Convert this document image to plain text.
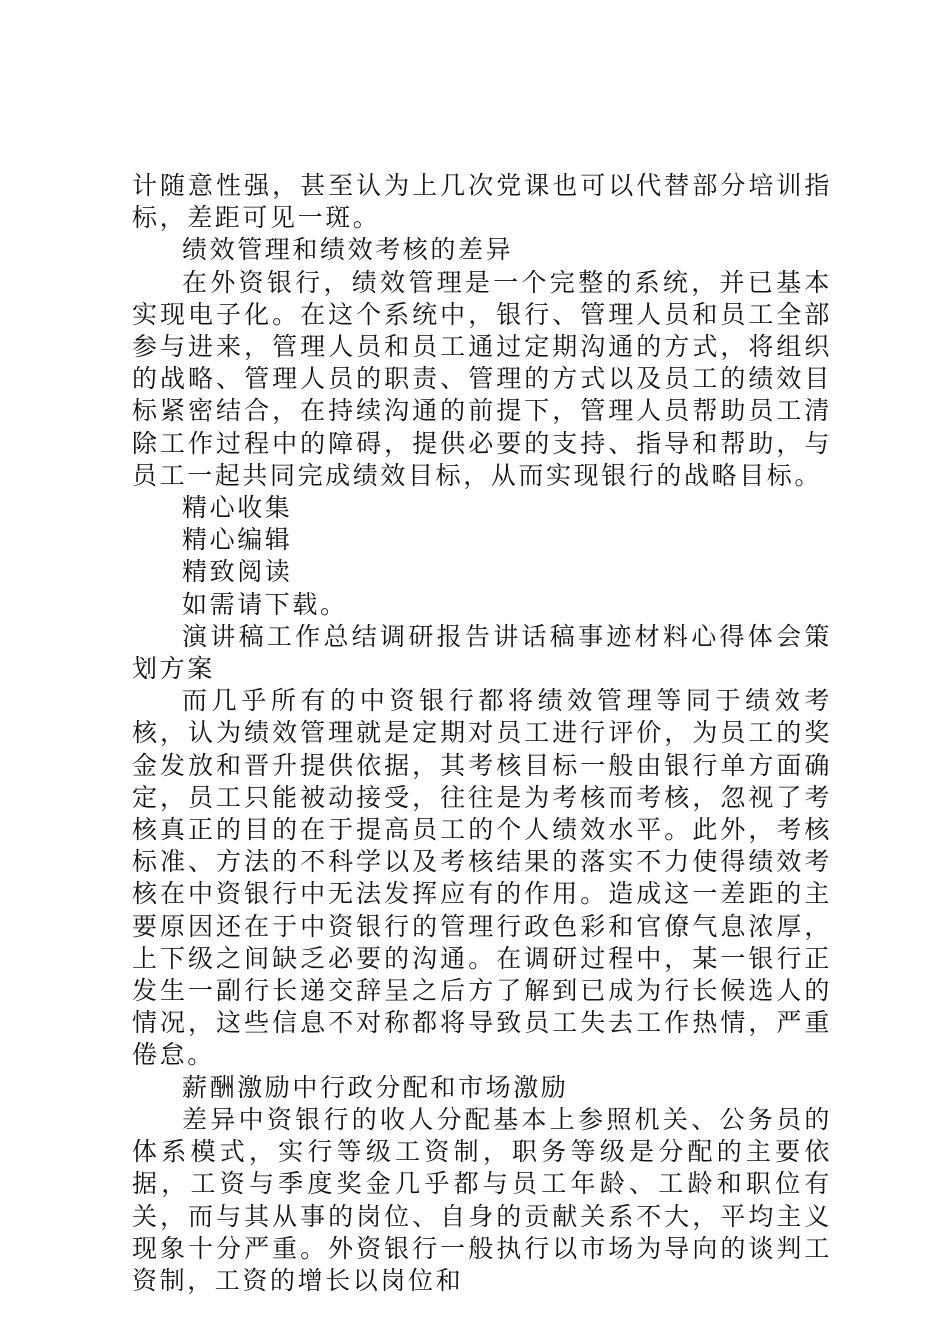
计随意性强，甚至认为上几次党课也可以代替部分培训指标，差距可见一斑。

绩效管理和绩效考核的差异

在外资银行，绩效管理是一个完整的系统，并已基本实现电子化。在这个系统中，银行、管理人员和员工全部参与进来，管理人员和员工通过定期沟通的方式，将组织的战略、管理人员的职责、管理的方式以及员工的绩效目标紧密结合，在持续沟通的前提下，管理人员帮助员工清除工作过程中的障碍，提供必要的支持、指导和帮助，与员工一起共同完成绩效目标，从而实现银行的战略目标。

精心收集

精心编辑

精致阅读

如需请下载。

演讲稿工作总结调研报告讲话稿事迹材料心得体会策划方案

而几乎所有的中资银行都将绩效管理等同于绩效考核，认为绩效管理就是定期对员工进行评价，为员工的奖金发放和晋升提供依据，其考核目标一般由银行单方面确定，员工只能被动接受，往往是为考核而考核，忽视了考核真正的目的在于提高员工的个人绩效水平。此外，考核标准、方法的不科学以及考核结果的落实不力使得绩效考核在中资银行中无法发挥应有的作用。造成这一差距的主要原因还在于中资银行的管理行政色彩和官僚气息浓厚，上下级之间缺乏必要的沟通。在调研过程中，某一银行正发生一副行长递交辞呈之后方了解到已成为行长候选人的情况，这些信息不对称都将导致员工失去工作热情，严重倦怠。

薪酬激励中行政分配和市场激励

差异中资银行的收人分配基本上参照机关、公务员的体系模式，实行等级工资制，职务等级是分配的主要依据，工资与季度奖金几乎都与员工年龄、工龄和职位有关，而与其从事的岗位、自身的贡献关系不大，平均主义现象十分严重。外资银行一般执行以市场为导向的谈判工资制，工资的增长以岗位和
